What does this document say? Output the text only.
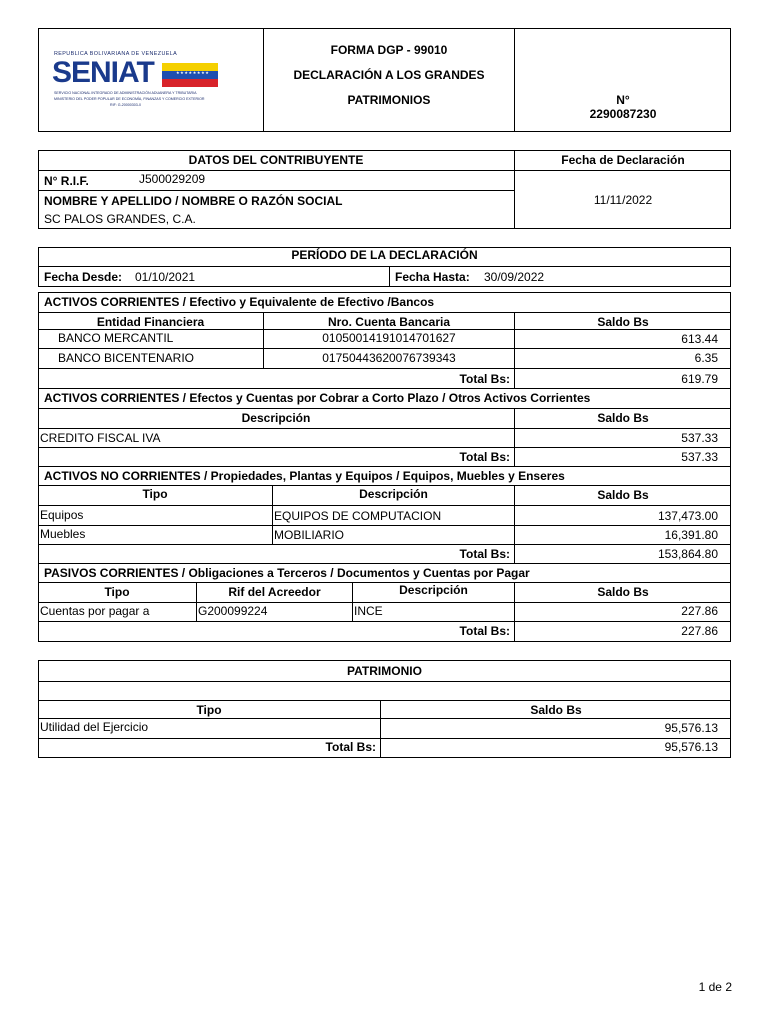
REPUBLICA BOLIVARIANA DE VENEZUELA
SENIAT	★★★★★★★★
SERVICIO NACIONAL INTEGRADO DE ADMINISTRACIÓN ADUANERA Y TRIBUTARIA
MINISTERIO DEL PODER POPULAR DE ECONOMÍA, FINANZAS Y COMERCIO EXTERIOR
RIF: G-20000303-0
FORMA DGP - 99010
DECLARACIÓN A LOS GRANDES
PATRIMONIOS	N°
2290087230
DATOS DEL CONTRIBUYENTE	Fecha de Declaración
11/11/2022
N° R.I.F.	J500029209
NOMBRE Y APELLIDO / NOMBRE O RAZÓN SOCIAL
SC PALOS GRANDES, C.A.
PERÍODO DE LA DECLARACIÓN
Fecha Desde: 01/10/2021	Fecha Hasta: 30/09/2022
ACTIVOS CORRIENTES / Efectivo y Equivalente de Efectivo /Bancos
Entidad Financiera	Nro. Cuenta Bancaria	Saldo Bs
BANCO MERCANTIL	01050014191014701627	613.44
BANCO BICENTENARIO	01750443620076739343	6.35
Total Bs:	619.79
ACTIVOS CORRIENTES / Efectos y Cuentas por Cobrar a Corto Plazo / Otros Activos Corrientes
Descripción	Saldo Bs
CREDITO FISCAL IVA	537.33
Total Bs:	537.33
ACTIVOS NO CORRIENTES / Propiedades, Plantas y Equipos / Equipos, Muebles y Enseres
Tipo	Descripción	Saldo Bs
Equipos	EQUIPOS DE COMPUTACION	137,473.00
Muebles	MOBILIARIO	16,391.80
Total Bs:	153,864.80
PASIVOS CORRIENTES / Obligaciones a Terceros / Documentos y Cuentas por Pagar
Tipo	Rif del Acreedor	Descripción	Saldo Bs
Cuentas por pagar a	G200099224	INCE	227.86
Total Bs:	227.86
PATRIMONIO
Tipo	Saldo Bs
Utilidad del Ejercicio	95,576.13
Total Bs:	95,576.13
1 de 2
